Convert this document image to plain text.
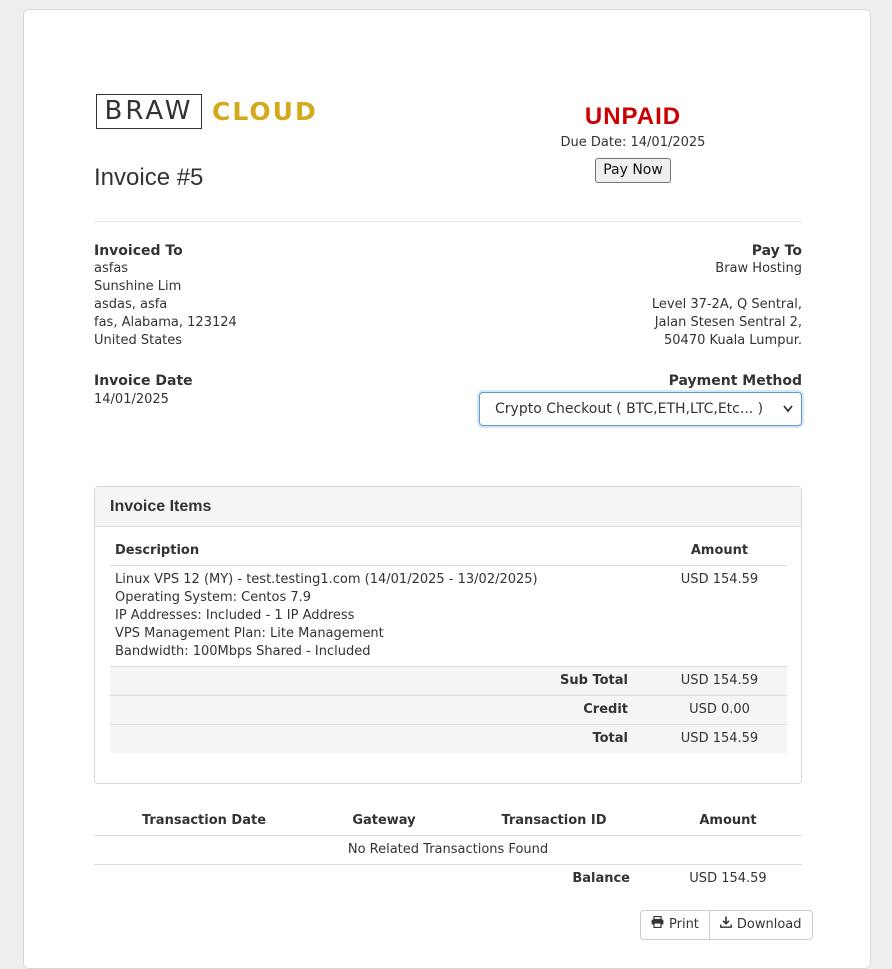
BRAW CLOUD
Invoice #5
UNPAID
Due Date: 14/01/2025
Pay Now
Invoiced To
asfas
Sunshine Lim
asdas, asfa
fas, Alabama, 123124
United States
Pay To
Braw Hosting
Level 37-2A, Q Sentral,
Jalan Stesen Sentral 2,
50470 Kuala Lumpur.
Invoice Date
14/01/2025
Payment Method
Crypto Checkout ( BTC,ETH,LTC,Etc... )
Invoice Items
Description	Amount

Linux VPS 12 (MY) - test.testing1.com (14/01/2025 - 13/02/2025)
Operating System: Centos 7.9
IP Addresses: Included - 1 IP Address
VPS Management Plan: Lite Management
Bandwidth: 100Mbps Shared - Included	USD 154.59
Sub Total	USD 154.59
Credit	USD 0.00
Total	USD 154.59
Transaction Date	Gateway	Transaction ID	Amount
No Related Transactions Found			
Balance			USD 154.59
Print	Download
